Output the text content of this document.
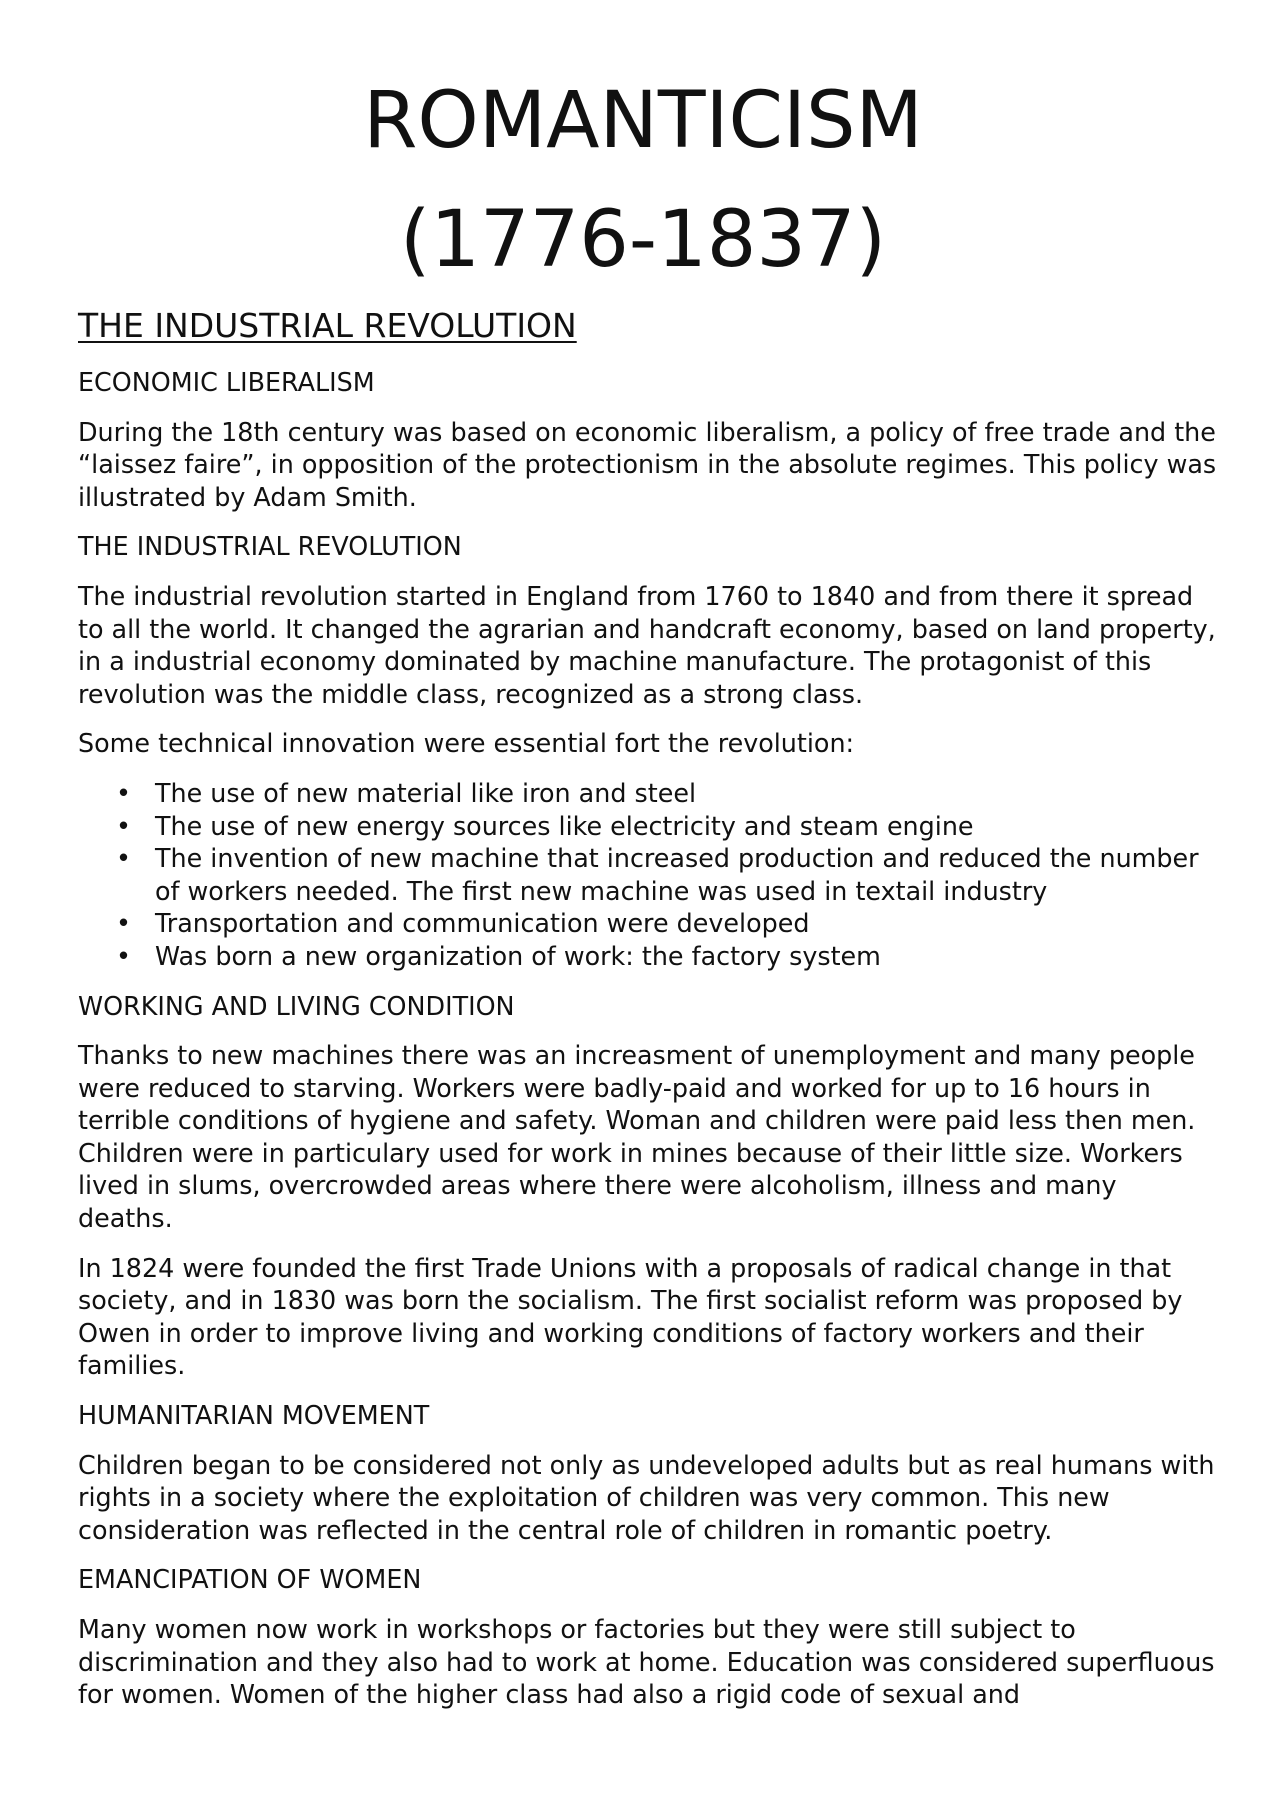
ROMANTICISM
(1776-1837)
THE INDUSTRIAL REVOLUTION

ECONOMIC LIBERALISM

During the 18th century was based on economic liberalism, a policy of free trade and the “laissez faire”, in opposition of the protectionism in the absolute regimes. This policy was illustrated by Adam Smith.

THE INDUSTRIAL REVOLUTION

The industrial revolution started in England from 1760 to 1840 and from there it spread to all the world. It changed the agrarian and handcraft economy, based on land property, in a industrial economy dominated by machine manufacture. The protagonist of this revolution was the middle class, recognized as a strong class.

Some technical innovation were essential fort the revolution:

• The use of new material like iron and steel
• The use of new energy sources like electricity and steam engine
• The invention of new machine that increased production and reduced the number of workers needed. The first new machine was used in textail industry
• Transportation and communication were developed
• Was born a new organization of work: the factory system

WORKING AND LIVING CONDITION

Thanks to new machines there was an increasment of unemployment and many people were reduced to starving. Workers were badly-paid and worked for up to 16 hours in terrible conditions of hygiene and safety. Woman and children were paid less then men. Children were in particulary used for work in mines because of their little size. Workers lived in slums, overcrowded areas where there were alcoholism, illness and many deaths.

In 1824 were founded the first Trade Unions with a proposals of radical change in that society, and in 1830 was born the socialism. The first socialist reform was proposed by Owen in order to improve living and working conditions of factory workers and their families.

HUMANITARIAN MOVEMENT

Children began to be considered not only as undeveloped adults but as real humans with rights in a society where the exploitation of children was very common. This new consideration was reflected in the central role of children in romantic poetry.

EMANCIPATION OF WOMEN

Many women now work in workshops or factories but they were still subject to discrimination and they also had to work at home. Education was considered superfluous for women. Women of the higher class had also a rigid code of sexual and
